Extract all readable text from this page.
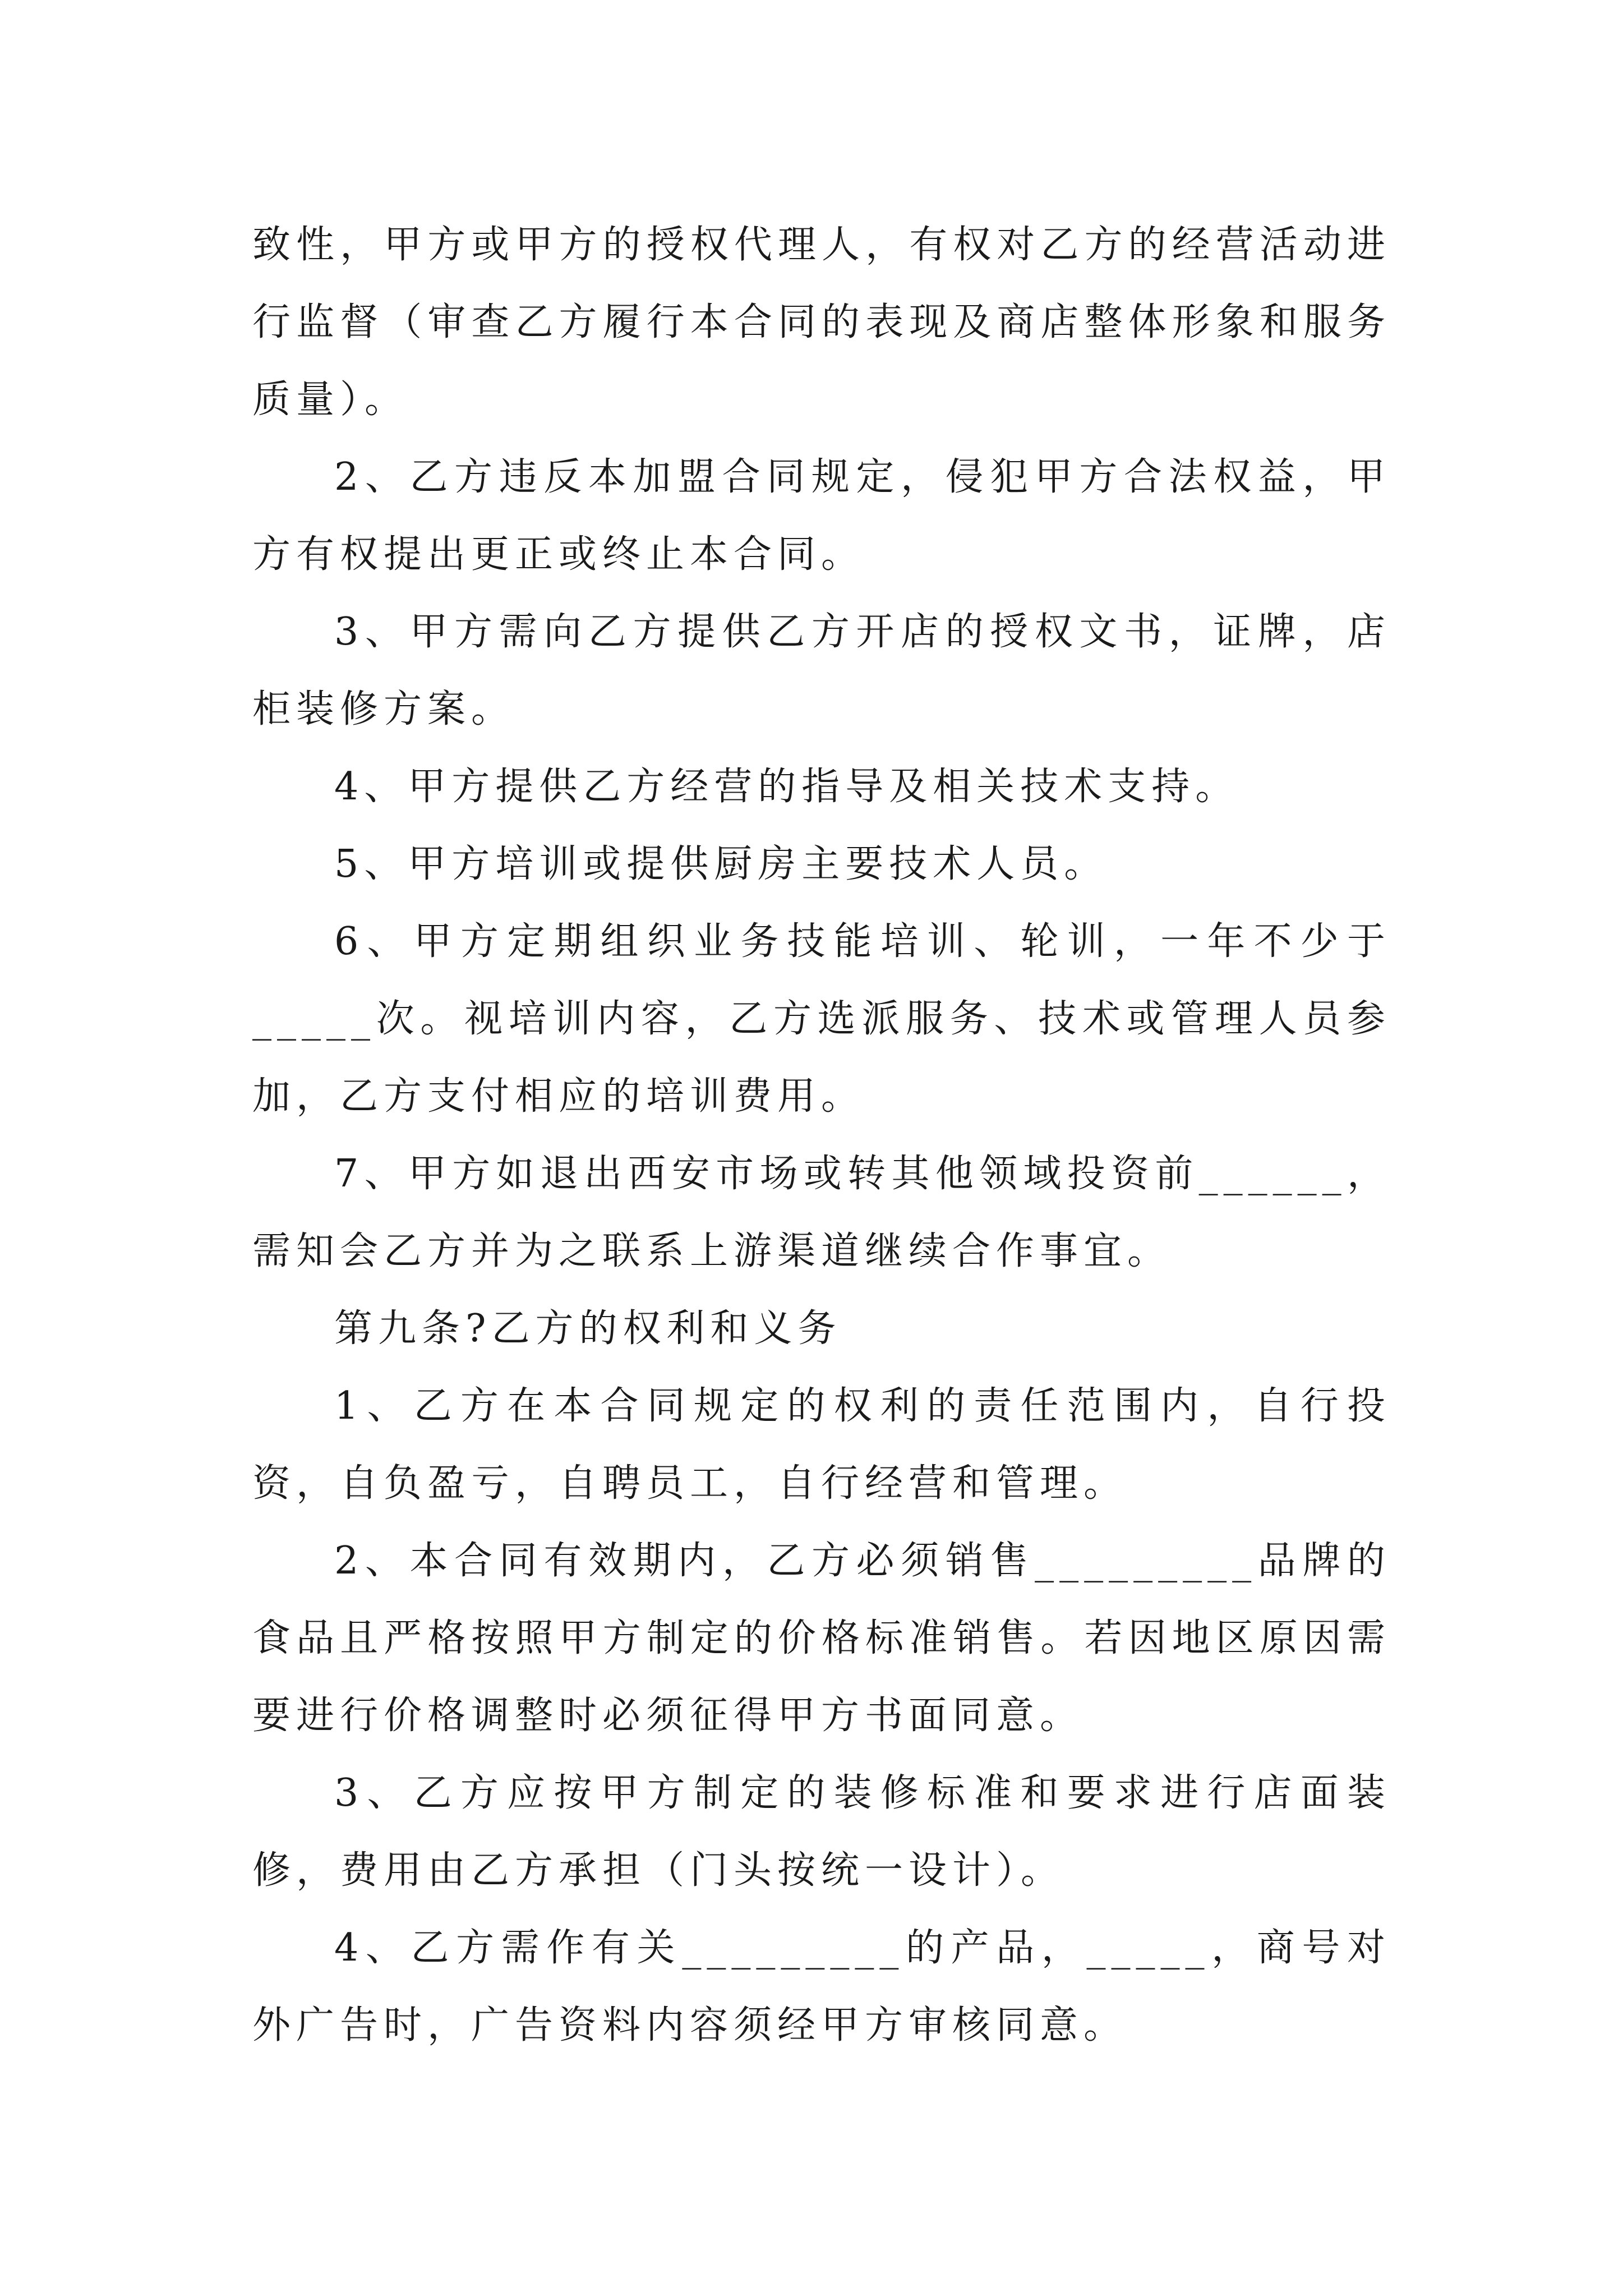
致性，甲方或甲方的授权代理人，有权对乙方的经营活动进行监督（审查乙方履行本合同的表现及商店整体形象和服务质量）。

2、乙方违反本加盟合同规定，侵犯甲方合法权益，甲方有权提出更正或终止本合同。

3、甲方需向乙方提供乙方开店的授权文书，证牌，店柜装修方案。

4、甲方提供乙方经营的指导及相关技术支持。

5、甲方培训或提供厨房主要技术人员。

6、甲方定期组织业务技能培训、轮训，一年不少于_____次。视培训内容，乙方选派服务、技术或管理人员参加，乙方支付相应的培训费用。

7、甲方如退出西安市场或转其他领域投资前______，需知会乙方并为之联系上游渠道继续合作事宜。

第九条?乙方的权利和义务

1、乙方在本合同规定的权利的责任范围内，自行投资，自负盈亏，自聘员工，自行经营和管理。

2、本合同有效期内，乙方必须销售_________品牌的食品且严格按照甲方制定的价格标准销售。若因地区原因需要进行价格调整时必须征得甲方书面同意。

3、乙方应按甲方制定的装修标准和要求进行店面装修，费用由乙方承担（门头按统一设计）。

4、乙方需作有关_________的产品，_____，商号对外广告时，广告资料内容须经甲方审核同意。
